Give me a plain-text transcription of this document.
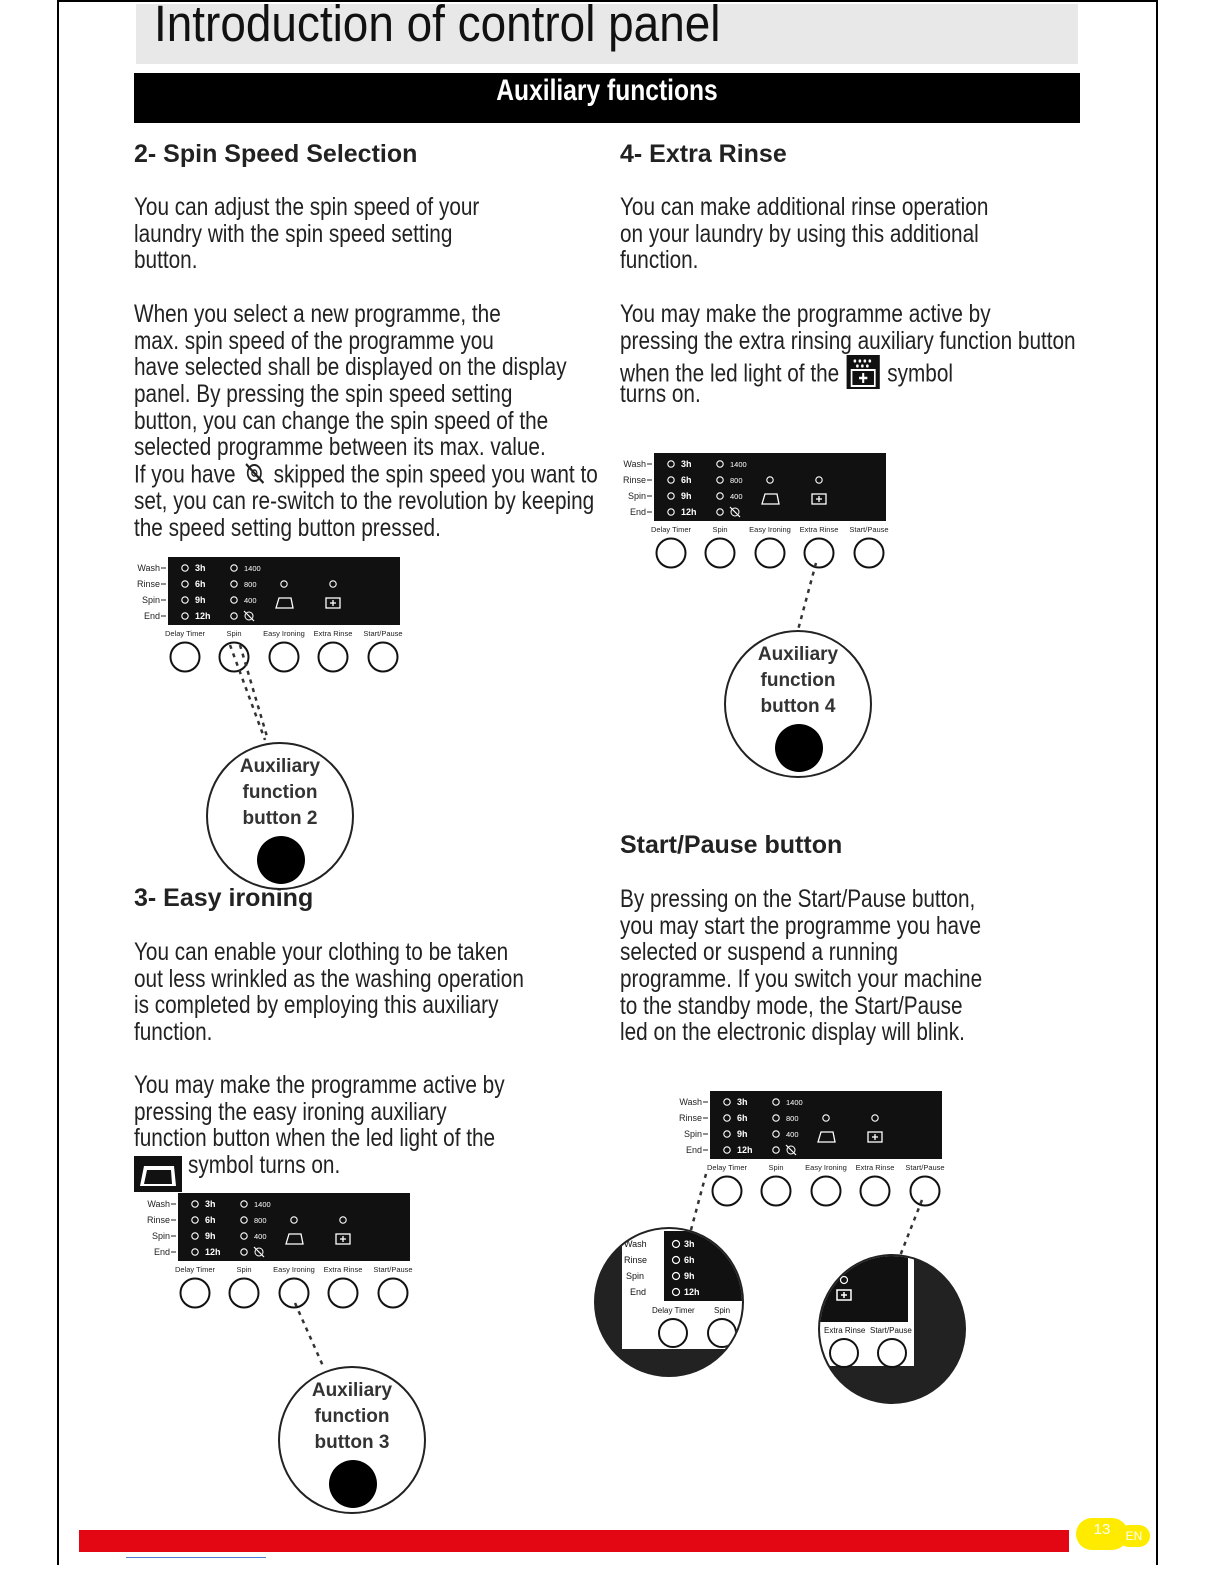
Introduction of control panel
Auxiliary functions
2- Spin Speed Selection
You can adjust the spin speed of your
laundry with the spin speed setting
button.
When you select a new programme, the
max. spin speed of the programme you
have selected shall be displayed on the display
panel. By pressing the spin speed setting
button, you can change the spin speed of the
selected programme between its max. value.
If you have skipped the spin speed you want to
set, you can re-switch to the revolution by keeping
the speed setting button pressed.
4- Extra Rinse
You can make additional rinse operation
on your laundry by using this additional
function.
You may make the programme active by
pressing the extra rinsing auxiliary function button
when the led light of the symbol
turns on.
Wash	3h
Rinse	6h
Spin	9h
End	12h
1400
800
400
Delay Timer	Spin	Easy Ironing Extra Rinse Start/Pause
Auxiliary
function
button 2
3- Easy ironing
You can enable your clothing to be taken
out less wrinkled as the washing operation
is completed by employing this auxiliary
function.
You may make the programme active by
pressing the easy ironing auxiliary
function button when the led light of the
symbol turns on.
Wash	3h
Rinse	6h
Spin	9h
End	12h
1400
800
400
Delay Timer	Spin	Easy Ironing Extra Rinse Start/Pause
Auxiliary
function
button 3
Wash	3h
Rinse	6h
Spin	9h
End	12h
1400
800
400
Delay Timer	Spin	Easy Ironing Extra Rinse Start/Pause
Auxiliary
function
button 4
Start/Pause button
By pressing on the Start/Pause button,
you may start the programme you have
selected or suspend a running
programme. If you switch your machine
to the standby mode, the Start/Pause
led on the electronic display will blink.
Wash	3h
Rinse	6h
Spin	9h
End	12h
1400
800
400
Delay Timer	Spin	Easy Ironing Extra Rinse Start/Pause
Wash
Rinse
Spin
End
3h
6h
9h
12h
Delay Timer Spin
Extra Rinse Start/Pause
13	EN
